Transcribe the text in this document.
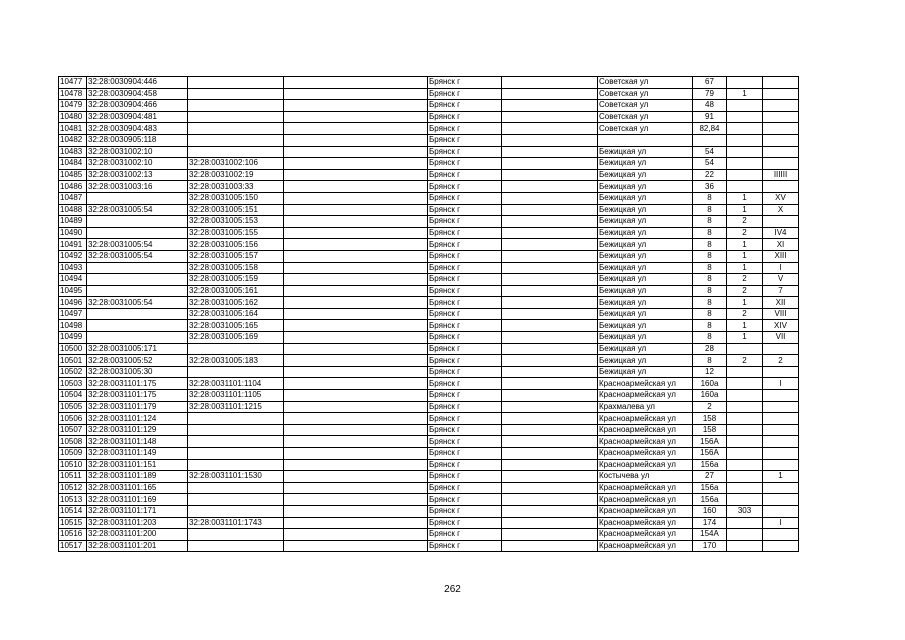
10477	32:28:0030904:446			Брянск г		Советская ул	67		
10478	32:28:0030904:458			Брянск г		Советская ул	79	1	
10479	32:28:0030904:466			Брянск г		Советская ул	48		
10480	32:28:0030904:481			Брянск г		Советская ул	91		
10481	32:28:0030904:483			Брянск г		Советская ул	82,84		
10482	32:28:0030905:118			Брянск г					
10483	32:28:0031002:10			Брянск г		Бежицкая ул	54		
10484	32:28:0031002:10	32:28:0031002:106		Брянск г		Бежицкая ул	54		
10485	32:28:0031002:13	32:28:0031002:19		Брянск г		Бежицкая ул	22		IIIIII
10486	32:28:0031003:16	32:28:0031003:33		Брянск г		Бежицкая ул	36		
10487		32:28:0031005:150		Брянск г		Бежицкая ул	8	1	XV
10488	32:28:0031005:54	32:28:0031005:151		Брянск г		Бежицкая ул	8	1	X
10489		32:28:0031005:153		Брянск г		Бежицкая ул	8	2	
10490		32:28:0031005:155		Брянск г		Бежицкая ул	8	2	IV4
10491	32:28:0031005:54	32:28:0031005:156		Брянск г		Бежицкая ул	8	1	XI
10492	32:28:0031005:54	32:28:0031005:157		Брянск г		Бежицкая ул	8	1	XIII
10493		32:28:0031005:158		Брянск г		Бежицкая ул	8	1	I
10494		32:28:0031005:159		Брянск г		Бежицкая ул	8	2	V
10495		32:28:0031005:161		Брянск г		Бежицкая ул	8	2	7
10496	32:28:0031005:54	32:28:0031005:162		Брянск г		Бежицкая ул	8	1	XII
10497		32:28:0031005:164		Брянск г		Бежицкая ул	8	2	VIII
10498		32:28:0031005:165		Брянск г		Бежицкая ул	8	1	XIV
10499		32:28:0031005:169		Брянск г		Бежицкая ул	8	1	VII
10500	32:28:0031005:171			Брянск г		Бежицкая ул	28		
10501	32:28:0031005:52	32:28:0031005:183		Брянск г		Бежицкая ул	8	2	2
10502	32:28:0031005:30			Брянск г		Бежицкая ул	12		
10503	32:28:0031101:175	32:28:0031101:1104		Брянск г		Красноармейская ул	160а		I
10504	32:28:0031101:175	32:28:0031101:1105		Брянск г		Красноармейская ул	160а		
10505	32:28:0031101:179	32:28:0031101:1215		Брянск г		Крахмалева ул	2		
10506	32:28:0031101:124			Брянск г		Красноармейская ул	158		
10507	32:28:0031101:129			Брянск г		Красноармейская ул	158		
10508	32:28:0031101:148			Брянск г		Красноармейская ул	156А		
10509	32:28:0031101:149			Брянск г		Красноармейская ул	156А		
10510	32:28:0031101:151			Брянск г		Красноармейская ул	156а		
10511	32:28:0031101:189	32:28:0031101:1530		Брянск г		Костычева ул	27		1
10512	32:28:0031101:165			Брянск г		Красноармейская ул	156а		
10513	32:28:0031101:169			Брянск г		Красноармейская ул	156а		
10514	32:28:0031101:171			Брянск г		Красноармейская ул	160	303	
10515	32:28:0031101:203	32:28:0031101:1743		Брянск г		Красноармейская ул	174		I
10516	32:28:0031101:200			Брянск г		Красноармейская ул	154А		
10517	32:28:0031101:201			Брянск г		Красноармейская ул	170		
262
